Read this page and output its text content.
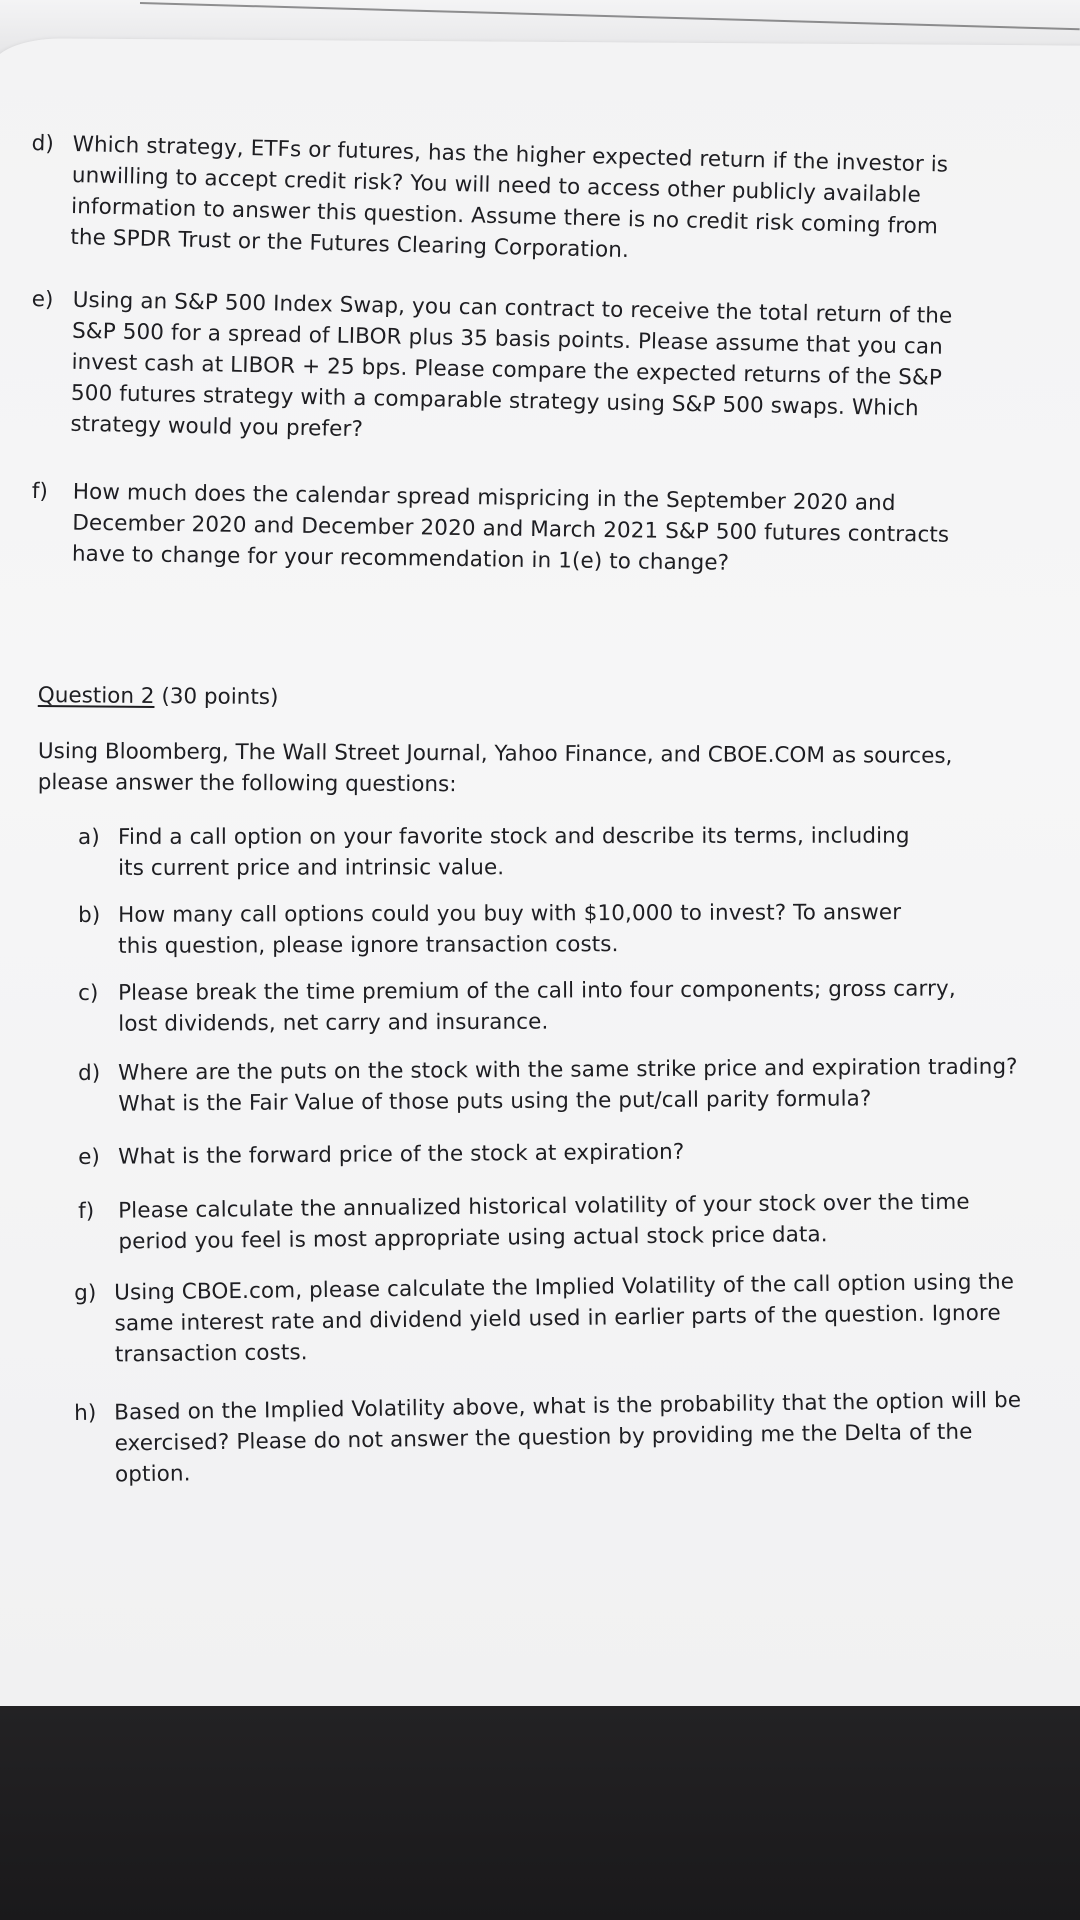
d) Which strategy, ETFs or futures, has the higher expected return if the investor is unwilling to accept credit risk? You will need to access other publicly available information to answer this question. Assume there is no credit risk coming from the SPDR Trust or the Futures Clearing Corporation.
e) Using an S&P 500 Index Swap, you can contract to receive the total return of the S&P 500 for a spread of LIBOR plus 35 basis points. Please assume that you can invest cash at LIBOR + 25 bps. Please compare the expected returns of the S&P 500 futures strategy with a comparable strategy using S&P 500 swaps. Which strategy would you prefer?
f) How much does the calendar spread mispricing in the September 2020 and December 2020 and December 2020 and March 2021 S&P 500 futures contracts have to change for your recommendation in 1(e) to change?
Question 2 (30 points)
Using Bloomberg, The Wall Street Journal, Yahoo Finance, and CBOE.COM as sources, please answer the following questions:
a) Find a call option on your favorite stock and describe its terms, including its current price and intrinsic value.
b) How many call options could you buy with $10,000 to invest? To answer this question, please ignore transaction costs.
c) Please break the time premium of the call into four components; gross carry, lost dividends, net carry and insurance.
d) Where are the puts on the stock with the same strike price and expiration trading? What is the Fair Value of those puts using the put/call parity formula?
e) What is the forward price of the stock at expiration?
f) Please calculate the annualized historical volatility of your stock over the time period you feel is most appropriate using actual stock price data.
g) Using CBOE.com, please calculate the Implied Volatility of the call option using the same interest rate and dividend yield used in earlier parts of the question. Ignore transaction costs.
h) Based on the Implied Volatility above, what is the probability that the option will be exercised? Please do not answer the question by providing me the Delta of the option.
